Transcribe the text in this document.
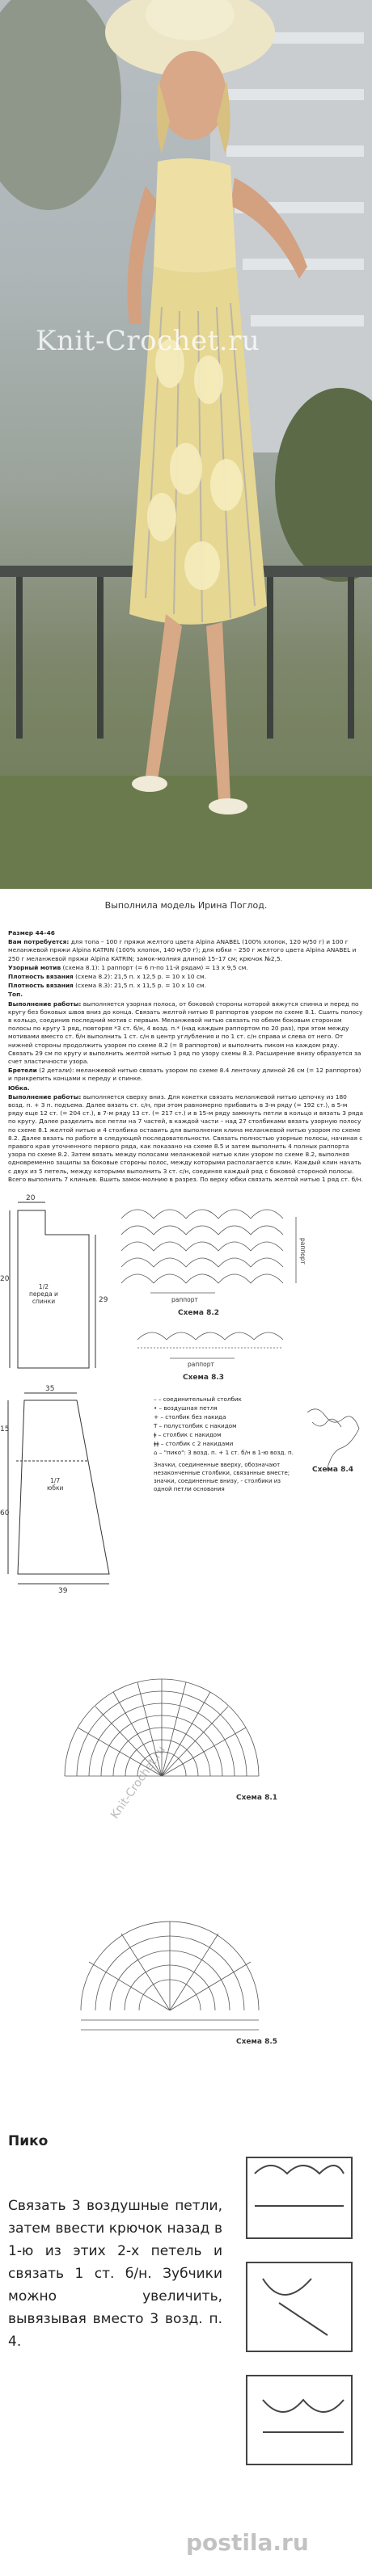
Knit-Crochet.ru
Выполнила модель Ирина Поглод.

Размер 44–46

Вам потребуется: для топа – 100 г пряжи желтого цвета Alpina ANABEL (100% хлопок, 120 м/50 г) и 100 г меланжевой пряжи Alpina KATRIN (100% хлопок, 140 м/50 г); для юбки – 250 г желтого цвета Alpina ANABEL и 250 г меланжевой пряжи Alpina KATRIN; замок-молния длиной 15–17 см; крючок №2,5.

Узорный мотив (схема 8.1): 1 раппорт (= 6 п-по 11-й рядам) = 13 х 9,5 см.

Плотность вязания (схема 8.2): 21,5 п. х 12,5 р. = 10 х 10 см.

Плотность вязания (схема 8.3): 21,5 п. х 11,5 р. = 10 х 10 см.

Топ.

Выполнение работы: выполняется узорная полоса, от боковой стороны которой вяжутся спинка и перед по кругу без боковых швов вниз до конца. Связать желтой нитью 8 раппортов узором по схеме 8.1. Сшить полосу в кольцо, соединив последний мотив с первым. Меланжевой нитью связать по обеим боковым сторонам полосы по кругу 1 ряд, повторяя *3 ст. б/н, 4 возд. п.* (над каждым раппортом по 20 раз), при этом между мотивами вместо ст. б/н выполнить 1 ст. с/н в центр углубления и по 1 ст. с/н справа и слева от него. От нижней стороны продолжить узором по схеме 8.2 (= 8 раппортов) и выполнить пиком на каждом ряду. Связать 29 см по кругу и выполнить желтой нитью 1 ряд по узору схемы 8.3. Расширение внизу образуется за счет эластичности узора.

Бретели (2 детали): меланжевой нитью связать узором по схеме 8.4 ленточку длиной 26 см (= 12 раппортов) и прикрепить концами к переду и спинке.

Юбка.

Выполнение работы: выполняется сверху вниз. Для кокетки связать меланжевой нитью цепочку из 180 возд. п. + 3 п. подъема. Далее вязать ст. с/н, при этом равномерно прибавить в 3-м ряду (= 192 ст.), в 5-м ряду еще 12 ст. (= 204 ст.), в 7-м ряду 13 ст. (= 217 ст.) и в 15-м ряду замкнуть петли в кольцо и вязать 3 ряда по кругу. Далее разделить все петли на 7 частей, в каждой части – над 27 столбиками вязать узорную полосу по схеме 8.1 желтой нитью и 4 столбика оставить для выполнения клина меланжевой нитью узором по схеме 8.2. Далее вязать по работе в следующей последовательности. Связать полностью узорные полосы, начиная с правого края уточненного первого ряда, как показано на схеме 8.5 и затем выполнить 4 полных раппорта узора по схеме 8.2. Затем вязать между полосами меланжевой нитью клин узором по схеме 8.2, выполняя одновременно защипы за боковые стороны полос, между которыми располагается клин. Каждый клин начать с двух из 5 петель, между которыми выполнить 3 ст. с/н, соединяя каждый ряд с боковой стороной полосы. Всего выполнить 7 клиньев. Вшить замок-молнию в разрез. По верху юбки связать желтой нитью 1 ряд ст. б/н.

20
20
1/2
переда и
спинки	29
35
15
1/7
юбки
60
39
раппорт
раппорт
Схема 8.2
раппорт
Схема 8.3
Схема 8.4
Схема 8.1
Схема 8.5
Knit-Crochet.ru
– – соединительный столбик
• – воздушная петля
+ – столбик без накида
T – полустолбик с накидом
ǂ – столбик с накидом
ǂǂ – столбик с 2 накидами
⌂ – "пико": 3 возд. п. + 1 ст. б/н в 1-ю возд. п.
Значки, соединенные вверху, обозначают незаконченные столбики, связанные вместе;
значки, соединенные внизу, - столбики из одной петли основания
Пико
Связать 3 воздушные петли, затем ввести крючок назад в 1-ю из этих 2-х петель и связать 1 ст. б/н. Зубчики можно увеличить, вывязывая вместо 3 возд. п. 4.
postila.ru
